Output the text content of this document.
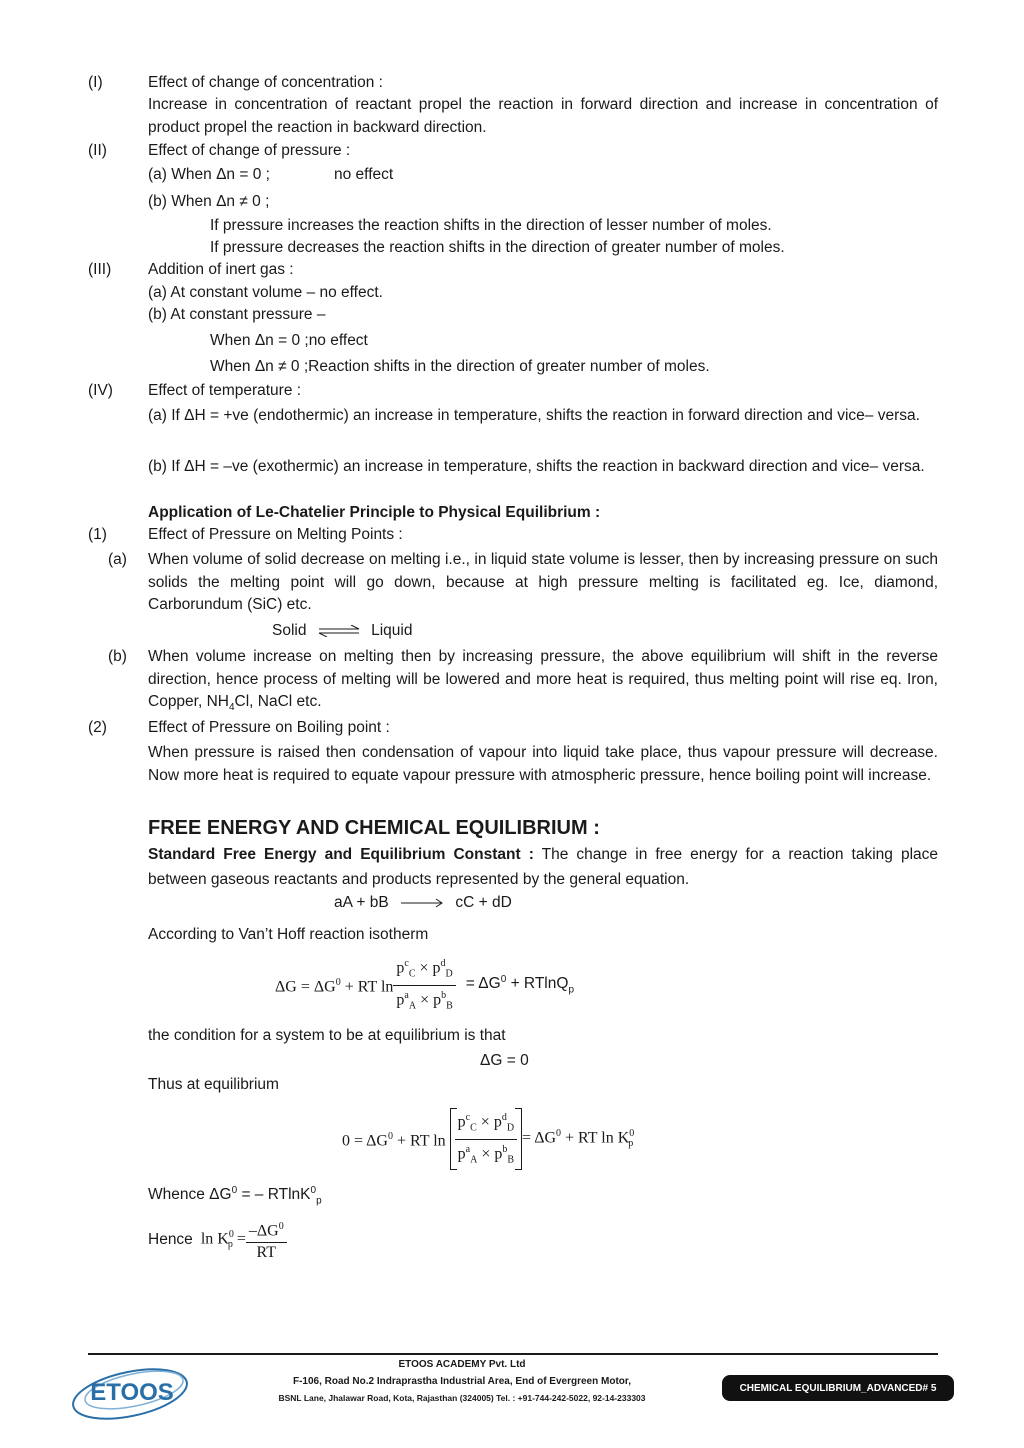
(I)	Effect of change of concentration :
Increase in concentration of reactant propel the reaction in forward direction and increase in concentration of product propel the reaction in backward direction.
(II)	Effect of change of pressure :
(a) When Δn = 0 ;	no effect
(b) When Δn ≠ 0 ;
If pressure increases the reaction shifts in the direction of lesser number of moles.
If pressure decreases the reaction shifts in the direction of greater number of moles.
(III) Addition of inert gas :
(a) At constant volume – no effect.
(b) At constant pressure –
When Δn = 0 ;no effect
When Δn ≠ 0 ;Reaction shifts in the direction of greater number of moles.
(IV) Effect of temperature :
(a) If ΔH = +ve (endothermic) an increase in temperature, shifts the reaction in forward direction and vice– versa.
(b) If ΔH = –ve (exothermic) an increase in temperature, shifts the reaction in backward direction and vice– versa.
Application of Le-Chatelier Principle to Physical Equilibrium :
(1)	Effect of Pressure on Melting Points :
(a) When volume of solid decrease on melting i.e., in liquid state volume is lesser, then by increasing pressure on such solids the melting point will go down, because at high pressure melting is facilitated eg. Ice, diamond, Carborundum (SiC) etc.
Solid ⇌ Liquid
(b) When volume increase on melting then by increasing pressure, the above equilibrium will shift in the reverse direction, hence process of melting will be lowered and more heat is required, thus melting point will rise eq. Iron, Copper, $NH_4Cl$, NaCl etc.
(2)	Effect of Pressure on Boiling point :
When pressure is raised then condensation of vapour into liquid take place, thus vapour pressure will decrease. Now more heat is required to equate vapour pressure with atmospheric pressure, hence boiling point will increase.
FREE ENERGY AND CHEMICAL EQUILIBRIUM :
Standard Free Energy and Equilibrium Constant : The change in free energy for a reaction taking place between gaseous reactants and products represented by the general equation.
aA + bB	cC + dD
According to Van’t Hoff reaction isotherm
$\Delta G = \Delta G^0$ + RT $\ln \frac{p^c_C \times p^d_D}{p^a_A \times p^b_B} = \Delta G^0 + RTlnQ_p$
the condition for a system to be at equilibrium is that
ΔG = 0
Thus at equilibrium
$0 = \Delta G^0$ + RT $\ln \frac{p^c_C \times p^d_D}{p^a_A \times p^b_B} = \Delta G^0$ + RT $\ln K^0_p$
Whence $\Delta G^0$ = – RTlnK$^0_p$
Hence $\ln K^0_p = \frac{-\Delta G^0}{RT}$
ETOOS
ETOOS ACADEMY Pvt. Ltd
F-106, Road No.2 Indraprastha Industrial Area, End of Evergreen Motor,
BSNL Lane, Jhalawar Road, Kota, Rajasthan (324005) Tel. : +91-744-242-5022, 92-14-233303
CHEMICAL EQUILIBRIUM_ADVANCED# 5
